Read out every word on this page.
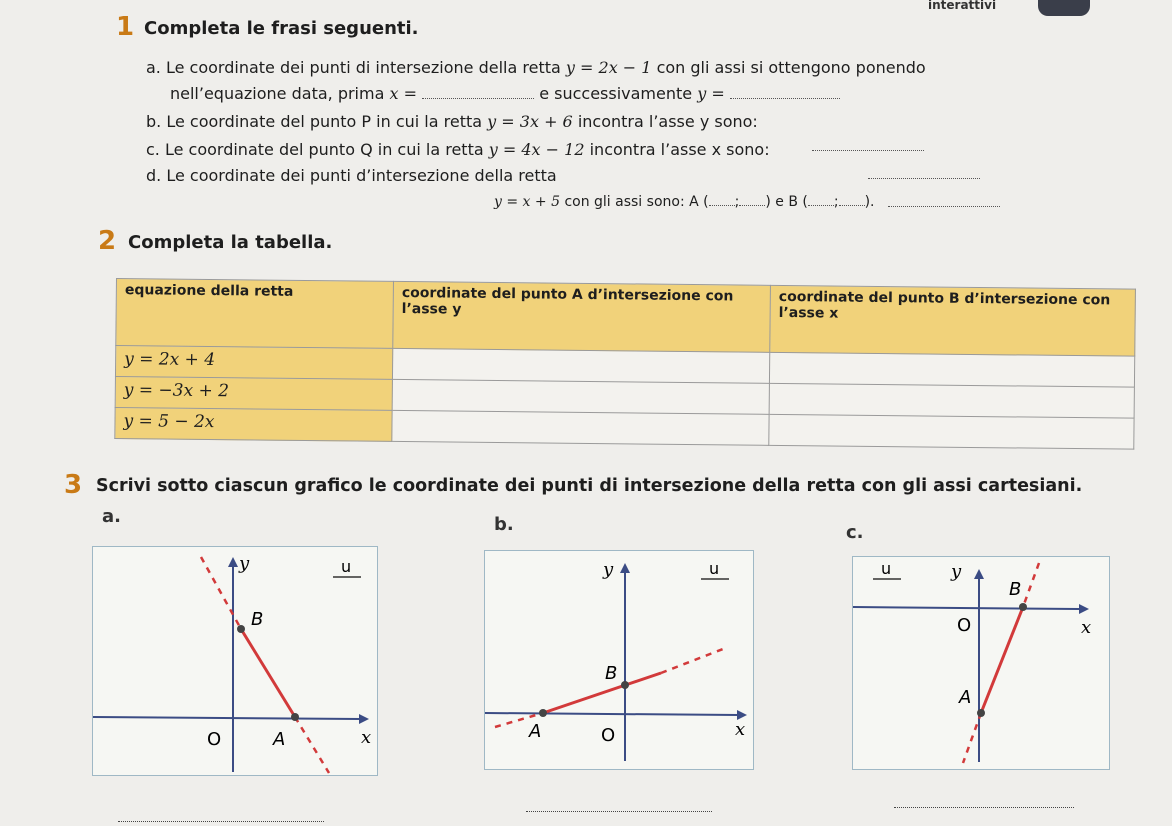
interattivi
1 Completa le frasi seguenti.
a. Le coordinate dei punti di intersezione della retta y = 2x − 1 con gli assi si ottengono ponendo
nell’equazione data, prima x =	e successivamente y =
b. Le coordinate del punto P in cui la retta y = 3x + 6 incontra l’asse y sono:
c. Le coordinate del punto Q in cui la retta y = 4x − 12 incontra l’asse x sono:
d. Le coordinate dei punti d’intersezione della retta
y = x + 5 con gli assi sono: A ( ; ) e B ( ; ).
2 Completa la tabella.
equazione della retta	coordinate del punto A d’intersezione con l’asse y	coordinate del punto B d’intersezione con l’asse x
y = 2x + 4		
y = −3x + 2		
y = 5 − 2x		
3 Scrivi sotto ciascun grafico le coordinate dei punti di intersezione della retta con gli assi cartesiani.
a.	b.	c.
y
x
O
u
A
B
y
x
O
u
A
B
y
x
O
u
A
B
